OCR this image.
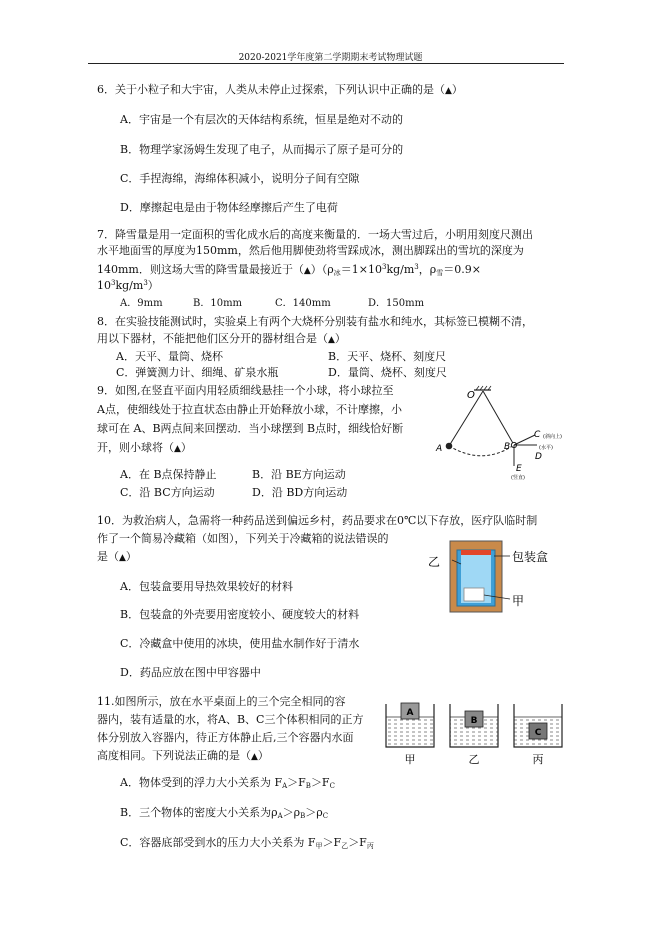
2020-2021学年度第二学期期末考试物理试题
6．关于小粒子和大宇宙，人类从未停止过探索，下列认识中正确的是（▲）
A．宇宙是一个有层次的天体结构系统，恒星是绝对不动的
B．物理学家汤姆生发现了电子，从而揭示了原子是可分的
C．手捏海绵，海绵体积减小，说明分子间有空隙
D．摩擦起电是由于物体经摩擦后产生了电荷
7．降雪量是用一定面积的雪化成水后的高度来衡量的．一场大雪过后，小明用刻度尺测出
水平地面雪的厚度为150mm，然后他用脚使劲将雪踩成冰，测出脚踩出的雪坑的深度为
140mm．则这场大雪的降雪量最接近于$(▲)(\rho_冰=1\times 10^3kg/m^3$，$\rho_雪=0.9\times$
$10^3kg/m^3$）
A．9mm	B．10mm	C．140mm	D．150mm
8．在实验技能测试时，实验桌上有两个大烧杯分别装有盐水和纯水，其标签已模糊不清，
用以下器材，不能把他们区分开的器材组合是（▲）
A．天平、量筒、烧杯	B．天平、烧杯、刻度尺
C．弹簧测力计、细绳、矿泉水瓶	D．量筒、烧杯、刻度尺
9．如图,在竖直平面内用轻质细线悬挂一个小球，将小球拉至
A点，使细线处于拉直状态由静止开始释放小球，不计摩擦，小
球可在 A、B两点间来回摆动．当小球摆到 B点时，细线恰好断
开，则小球将（▲）
A．在 B点保持静止	B．沿 BE方向运动
C．沿 BC方向运动	D．沿 BD方向运动
O
A	B
C (斜向上)
D
(水平)
E
(竖直)
10．为救治病人，急需将一种药品送到偏远乡村，药品要求在0℃以下存放，医疗队临时制
作了一个简易冷藏箱（如图），下列关于冷藏箱的说法错误的
是（▲）
A．包装盒要用导热效果较好的材料
B．包装盒的外壳要用密度较小、硬度较大的材料
C．冷藏盒中使用的冰块，使用盐水制作好于清水
D．药品应放在图中甲容器中
乙	包装盒
甲
11.如图所示，放在水平桌面上的三个完全相同的容
器内，装有适量的水，将A、B、C三个体积相同的正方
体分别放入容器内，待正方体静止后,三个容器内水面
高度相同。下列说法正确的是（▲）
A．物体受到的浮力大小关系为 $F_A>F_B>F_C$
B．三个物体的密度大小关系为$\rho_A>\rho_B>\rho_C$
C．容器底部受到水的压力大小关系为 $F_甲>F_乙>F_丙$
A
B
C
甲	乙	丙
